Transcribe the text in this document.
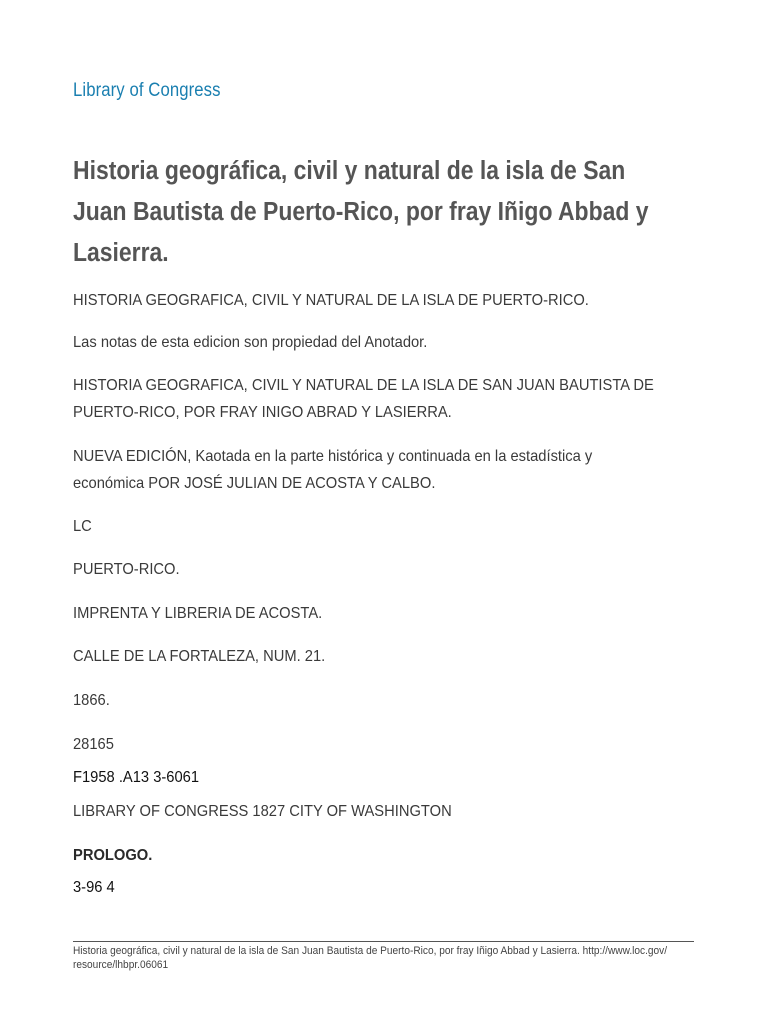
Library of Congress
Historia geográfica, civil y natural de la isla de San Juan Bautista de Puerto-Rico, por fray Iñigo Abbad y Lasierra.

HISTORIA GEOGRAFICA, CIVIL Y NATURAL DE LA ISLA DE PUERTO-RICO.

Las notas de esta edicion son propiedad del Anotador.

HISTORIA GEOGRAFICA, CIVIL Y NATURAL DE LA ISLA DE SAN JUAN BAUTISTA DE

PUERTO-RICO, POR FRAY INIGO ABRAD Y LASIERRA.

NUEVA EDICIÓN, Kaotada en la parte histórica y continuada en la estadística y

económica POR JOSÉ JULIAN DE ACOSTA Y CALBO.

LC

PUERTO-RICO.

IMPRENTA Y LIBRERIA DE ACOSTA.

CALLE DE LA FORTALEZA, NUM. 21.

1866.

28165

F1958 .A13 3-6061

LIBRARY OF CONGRESS 1827 CITY OF WASHINGTON

PROLOGO.

3-96 4

Historia geográfica, civil y natural de la isla de San Juan Bautista de Puerto-Rico, por fray Iñigo Abbad y Lasierra. http://www.loc.gov/
resource/lhbpr.06061
